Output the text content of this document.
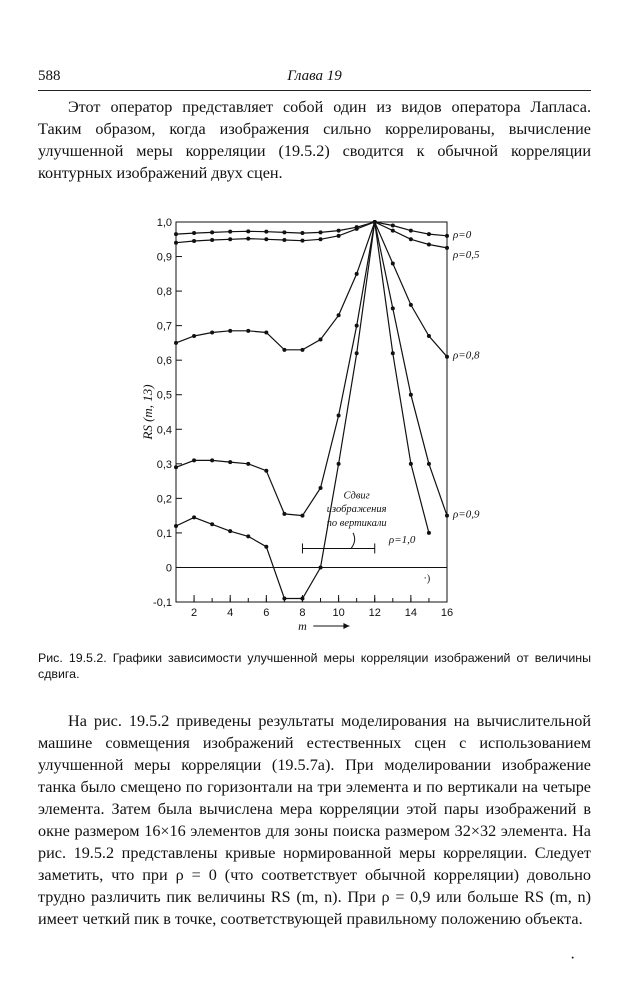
588	Глава 19

Этот оператор представляет собой один из видов оператора Лапласа. Таким образом, когда изображения сильно коррелированы, вычисление улучшенной меры корреляции (19.5.2) сводится к обычной корреляции контурных изображений двух сцен.

-0,1
0
0,1
0,2
0,3
0,4
0,5
0,6
0,7
0,8
0,9
1,0
2	4	6	8 10 12 14 16
m
RS (m, 13)
ρ=0
ρ=0,5
ρ=0,8
ρ=0,9
ρ=1,0
Сдвиг
изображения
по вертикали
·)

Рис. 19.5.2. Графики зависимости улучшенной меры корреляции изображений от величины сдвига.

На рис. 19.5.2 приведены результаты моделирования на вычислительной машине совмещения изображений естественных сцен с использованием улучшенной меры корреляции (19.5.7а). При моделировании изображение танка было смещено по горизонтали на три элемента и по вертикали на четыре элемента. Затем была вычислена мера корреляции этой пары изображений в окне размером 16×16 элементов для зоны поиска размером 32×32 элемента. На рис. 19.5.2 представлены кривые нормированной меры корреляции. Следует заметить, что при ρ = 0 (что соответствует обычной корреляции) довольно трудно различить пик величины RS (m, n). При ρ = 0,9 или больше RS (m, n) имеет четкий пик в точке, соответствующей правильному положению объекта.

·
